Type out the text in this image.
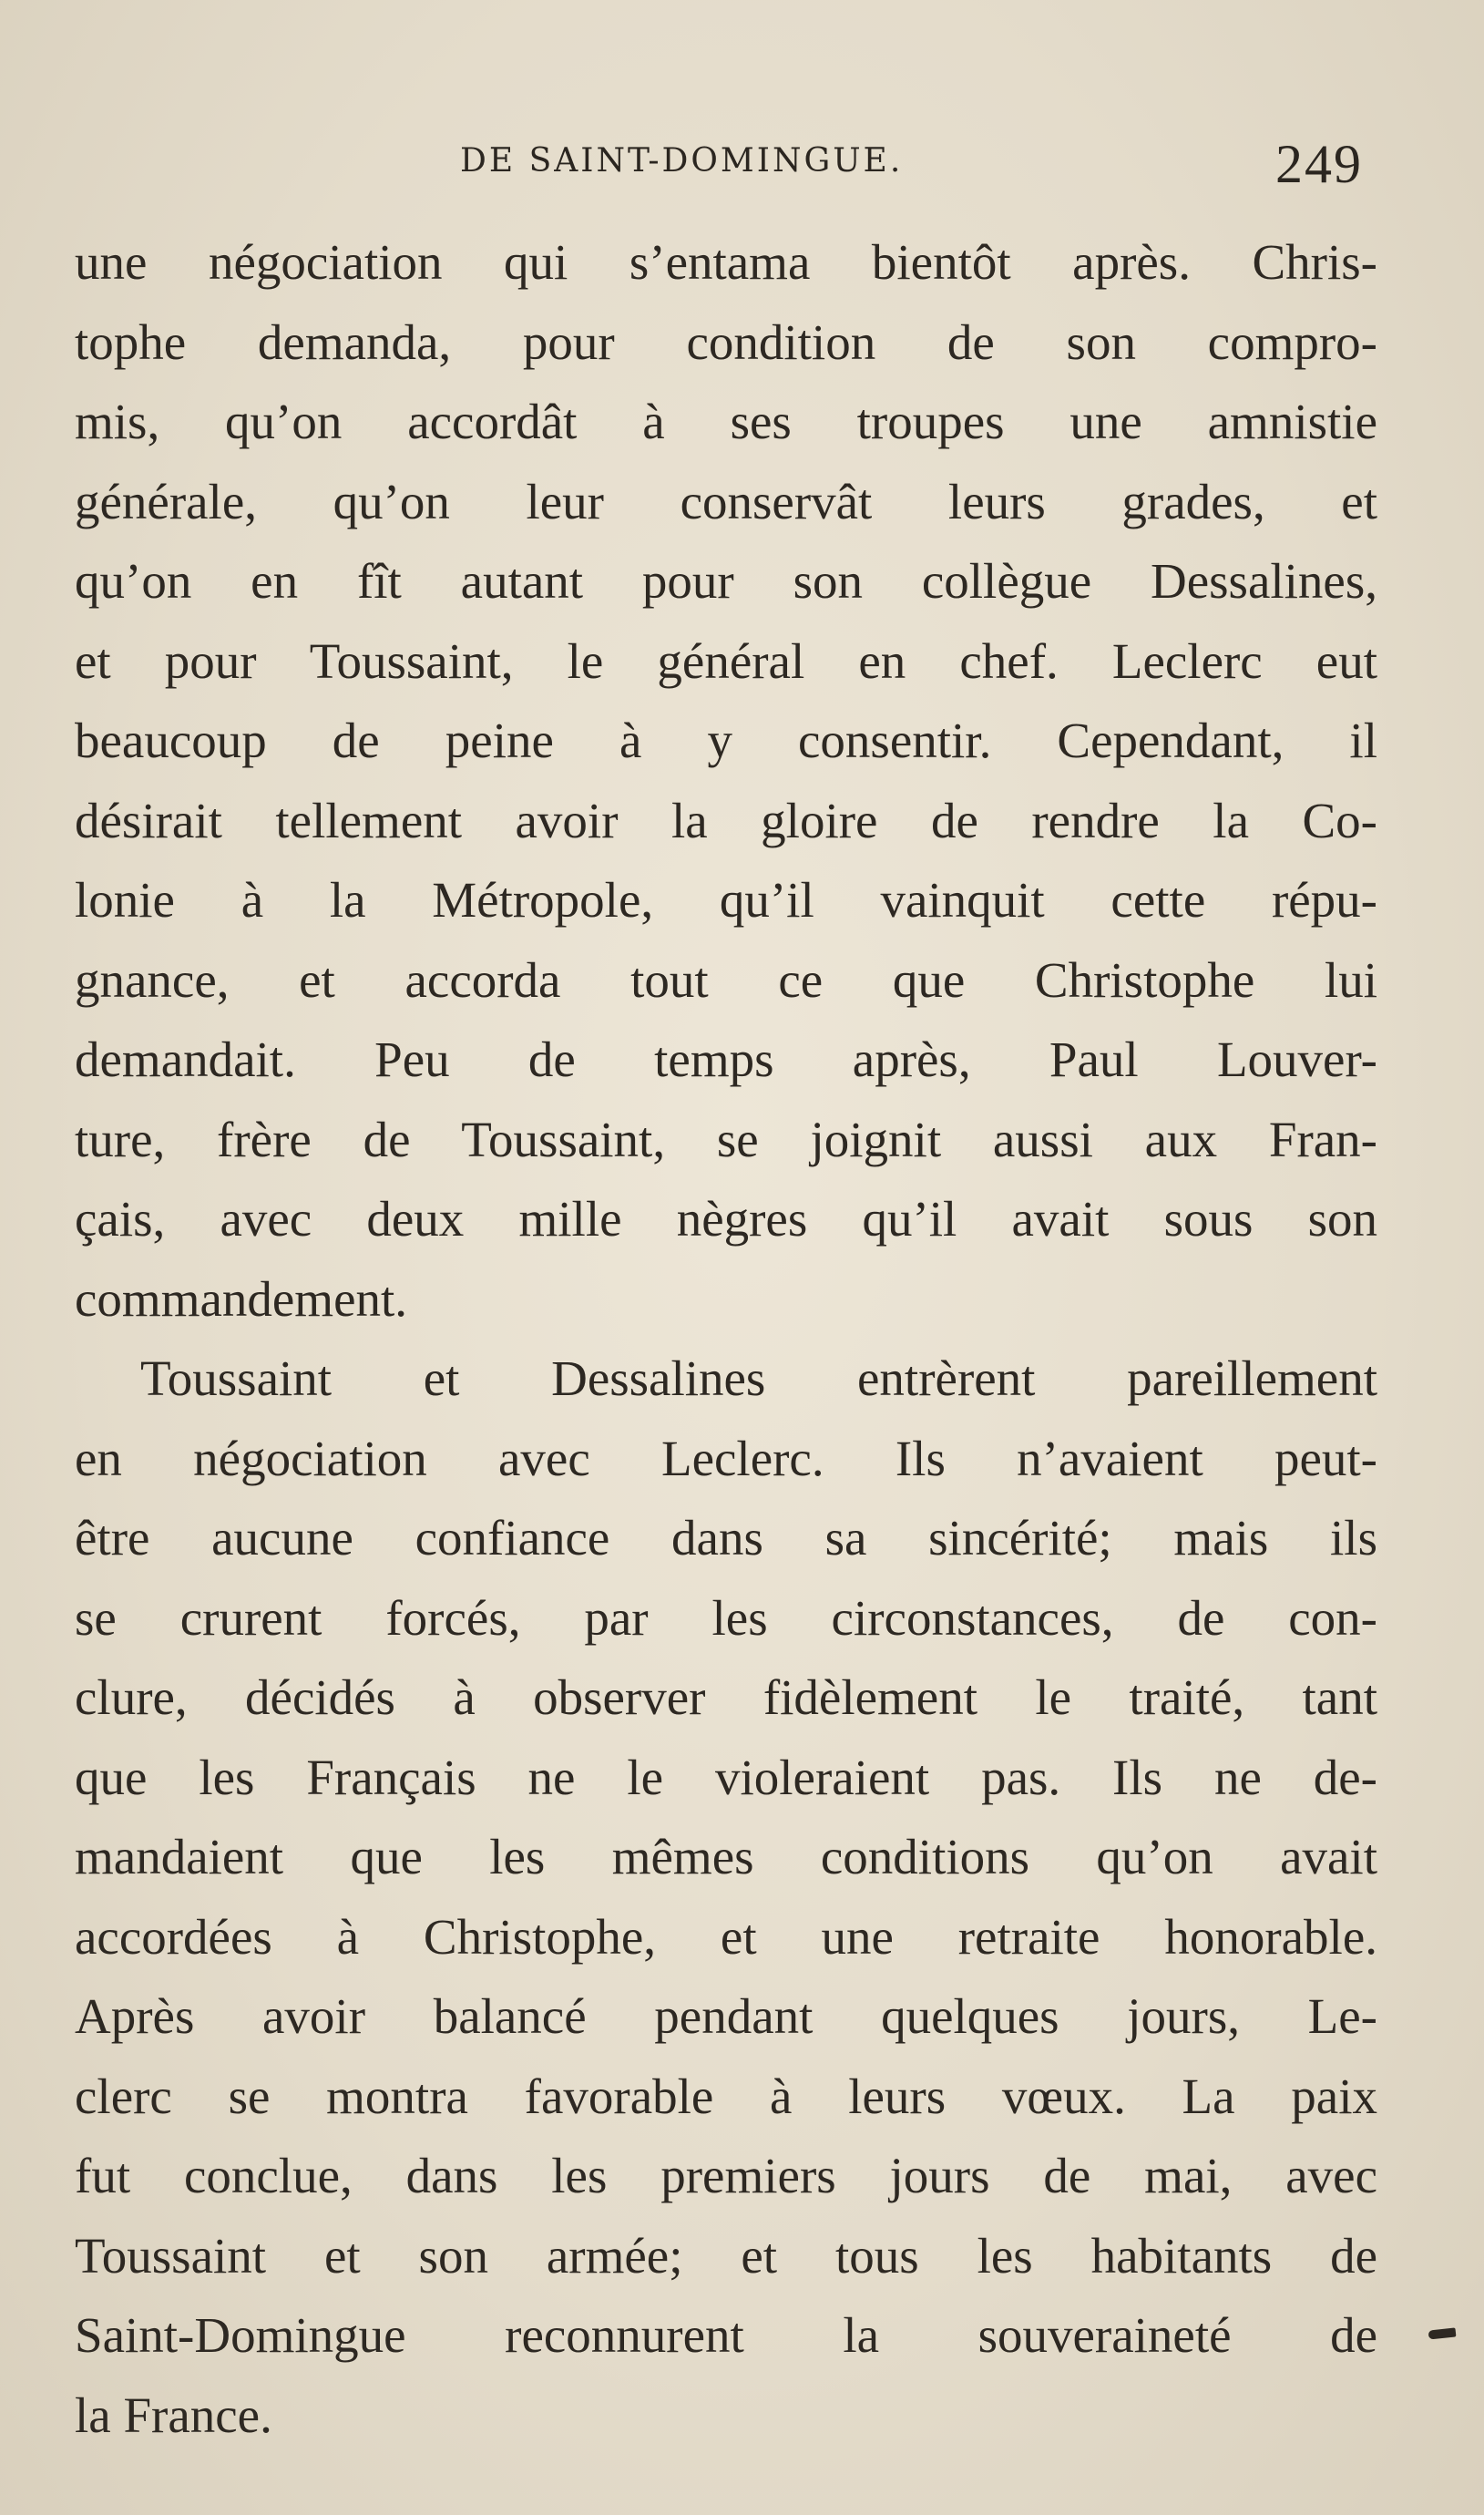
DE SAINT-DOMINGUE.	249
une négociation qui s’entama bientôt après. Chris-
tophe demanda, pour condition de son compro-
mis, qu’on accordât à ses troupes une amnistie
générale, qu’on leur conservât leurs grades, et
qu’on en fît autant pour son collègue Dessalines,
et pour Toussaint, le général en chef. Leclerc eut
beaucoup de peine à y consentir. Cependant, il
désirait tellement avoir la gloire de rendre la Co-
lonie à la Métropole, qu’il vainquit cette répu-
gnance, et accorda tout ce que Christophe lui
demandait. Peu de temps après, Paul Louver-
ture, frère de Toussaint, se joignit aussi aux Fran-
çais, avec deux mille nègres qu’il avait sous son
commandement.
Toussaint et Dessalines entrèrent pareillement
en négociation avec Leclerc. Ils n’avaient peut-
être aucune confiance dans sa sincérité; mais ils
se crurent forcés, par les circonstances, de con-
clure, décidés à observer fidèlement le traité, tant
que les Français ne le violeraient pas. Ils ne de-
mandaient que les mêmes conditions qu’on avait
accordées à Christophe, et une retraite honorable.
Après avoir balancé pendant quelques jours, Le-
clerc se montra favorable à leurs vœux. La paix
fut conclue, dans les premiers jours de mai, avec
Toussaint et son armée; et tous les habitants de
Saint-Domingue reconnurent la souveraineté de
la France.
